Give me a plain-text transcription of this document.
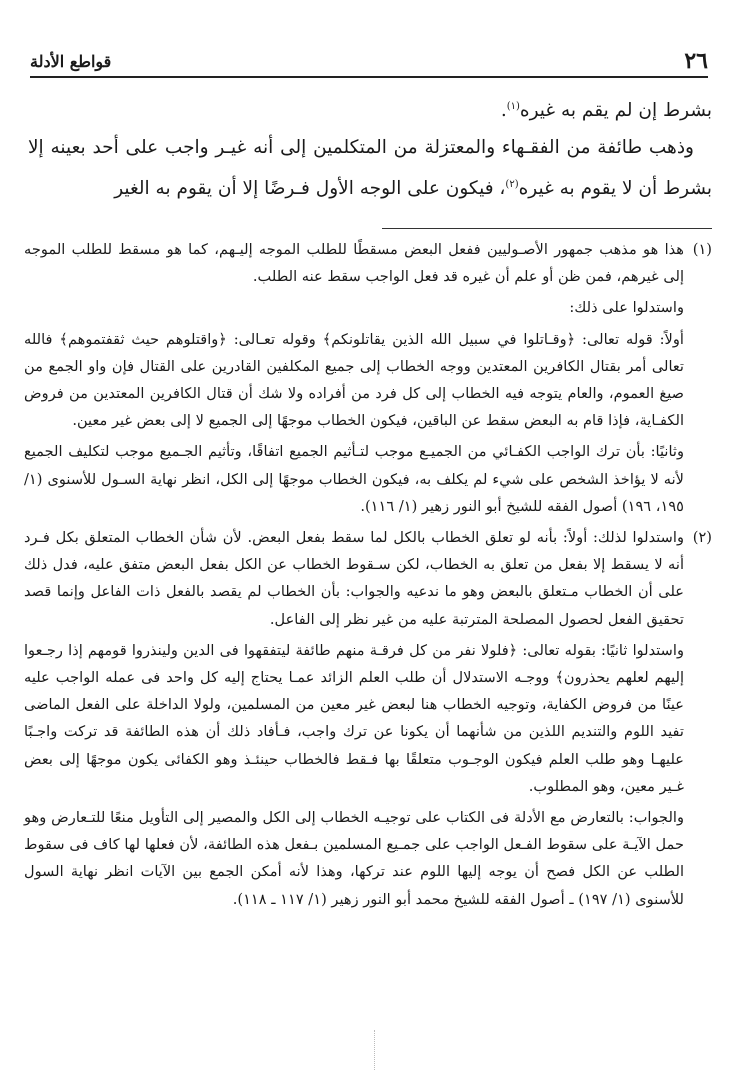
٢٦
قواطع الأدلة

بشرط إن لم يقم به غيره$^{(١)}$.

وذهب طائفة من الفقـهاء والمعتزلة من المتكلمين إلى أنه غيـر واجب على أحد بعينه إلا بشرط أن لا يقوم به غيره$^{(٢)}$، فيكون على الوجه الأول فـرضًا إلا أن يقوم به الغير

(١)هذا هو مذهب جمهور الأصـوليين ففعل البعض مسقطًا للطلب الموجه إليـهم، كما هو مسقط للطلب الموجه إلى غيرهم، فمن ظن أو علم أن غيره قد فعل الواجب سقط عنه الطلب.

واستدلوا على ذلك:

أولاً: قوله تعالى: ﴿وقـاتلوا في سبيل الله الذين يقاتلونكم﴾ وقوله تعـالى: ﴿واقتلوهم حيث ثقفتموهم﴾ فالله تعالى أمر بقتال الكافرين المعتدين ووجه الخطاب إلى جميع المكلفين القادرين على القتال فإن واو الجمع من صيغ العموم، والعام يتوجه فيه الخطاب إلى كل فرد من أفراده ولا شك أن قتال الكافرين المعتدين من فروض الكفـاية، فإذا قام به البعض سقط عن الباقين، فيكون الخطاب موجهًا إلى الجميع لا إلى بعض غير معين.

وثانيًا: بأن ترك الواجب الكفـائي من الجميـع موجب لتـأثيم الجميع اتفاقًا، وتأثيم الجـميع موجب لتكليف الجميع لأنه لا يؤاخذ الشخص على شيء لم يكلف به، فيكون الخطاب موجهًا إلى الكل، انظر نهاية السـول للأسنوى (١/ ١٩٥، ١٩٦) أصول الفقه للشيخ أبو النور زهير (١/ ١١٦).

(٢)واستدلوا لذلك: أولاً: بأنه لو تعلق الخطاب بالكل لما سقط بفعل البعض. لأن شأن الخطاب المتعلق بكل فـرد أنه لا يسقط إلا بفعل من تعلق به الخطاب، لكن سـقوط الخطاب عن الكل بفعل البعض متفق عليه، فدل ذلك على أن الخطاب مـتعلق بالبعض وهو ما ندعيه والجواب: بأن الخطاب لم يقصد بالفعل ذات الفاعل وإنما قصد تحقيق الفعل لحصول المصلحة المترتبة عليه من غير نظر إلى الفاعل.

واستدلوا ثانيًا: بقوله تعالى: ﴿فلولا نفر من كل فرقـة منهم طائفة ليتفقهوا فى الدين ولينذروا قومهم إذا رجـعوا إليهم لعلهم يحذرون﴾ ووجـه الاستدلال أن طلب العلم الزائد عمـا يحتاج إليه كل واحد فى عمله الواجب عليه عينًا من فروض الكفاية، وتوجيه الخطاب هنا لبعض غير معين من المسلمين، ولولا الداخلة على الفعل الماضى تفيد اللوم والتنديم اللذين من شأنهما أن يكونا عن ترك واجب، فـأفاد ذلك أن هذه الطائفة قد تركت واجـبًا عليهـا وهو طلب العلم فيكون الوجـوب متعلقًا بها فـقط فالخطاب حينئـذ وهو الكفائى يكون موجهًا إلى بعض غـير معين، وهو المطلوب.

والجواب: بالتعارض مع الأدلة فى الكتاب على توجيـه الخطاب إلى الكل والمصير إلى التأويل منعًا للتـعارض وهو حمل الآيـة على سقوط الفـعل الواجب على جمـيع المسلمين بـفعل هذه الطائفة، لأن فعلها لها كاف فى سقوط الطلب عن الكل فصح أن يوجه إليها اللوم عند تركها، وهذا لأنه أمكن الجمع بين الآيات انظر نهاية السول للأسنوى (١/ ١٩٧) ـ أصول الفقه للشيخ محمد أبو النور زهير (١/ ١١٧ ـ ١١٨).
